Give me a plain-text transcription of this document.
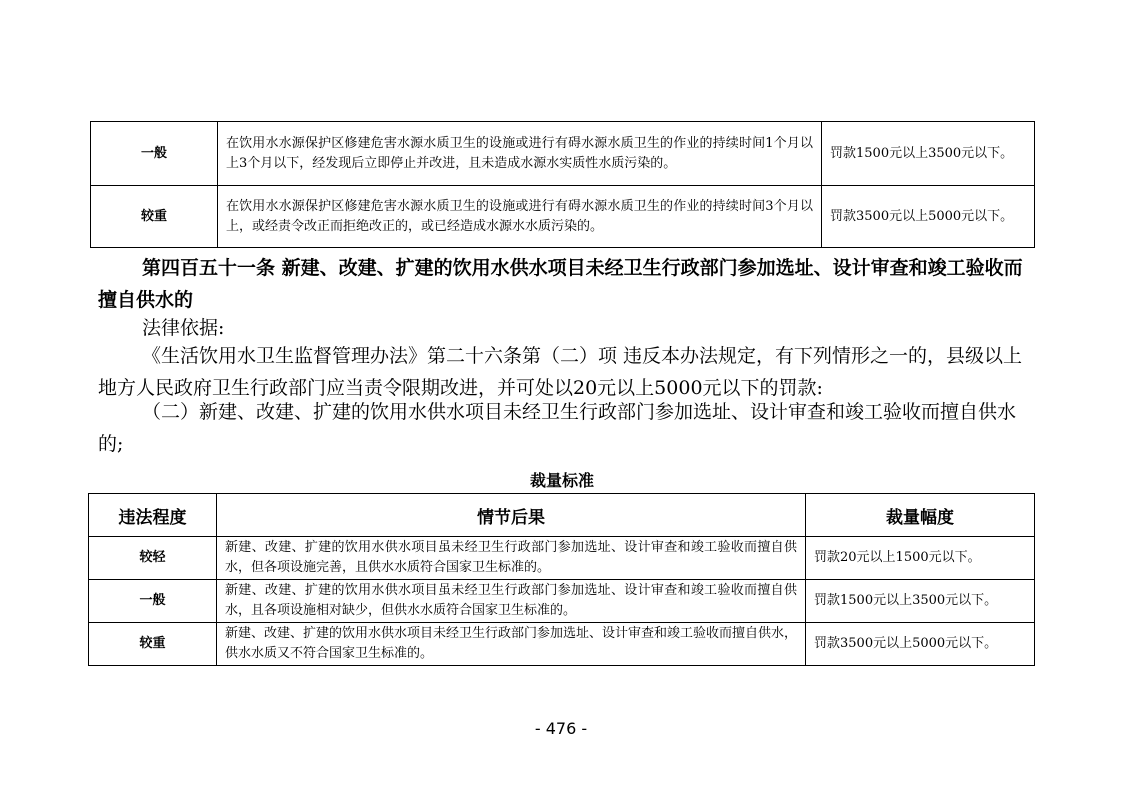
一般	在饮用水水源保护区修建危害水源水质卫生的设施或进行有碍水源水质卫生的作业的持续时间1个月以上3个月以下，经发现后立即停止并改进，且未造成水源水实质性水质污染的。	罚款1500元以上3500元以下。
较重	在饮用水水源保护区修建危害水源水质卫生的设施或进行有碍水源水质卫生的作业的持续时间3个月以上，或经责令改正而拒绝改正的，或已经造成水源水水质污染的。	罚款3500元以上5000元以下。

第四百五十一条 新建、改建、扩建的饮用水供水项目未经卫生行政部门参加选址、设计审查和竣工验收而擅自供水的

法律依据:

《生活饮用水卫生监督管理办法》第二十六条第（二）项 违反本办法规定，有下列情形之一的，县级以上地方人民政府卫生行政部门应当责令限期改进，并可处以20元以上5000元以下的罚款:

（二）新建、改建、扩建的饮用水供水项目未经卫生行政部门参加选址、设计审查和竣工验收而擅自供水的;

裁量标准
违法程度	情节后果	裁量幅度
较轻	新建、改建、扩建的饮用水供水项目虽未经卫生行政部门参加选址、设计审查和竣工验收而擅自供水，但各项设施完善，且供水水质符合国家卫生标准的。	罚款20元以上1500元以下。
一般	新建、改建、扩建的饮用水供水项目虽未经卫生行政部门参加选址、设计审查和竣工验收而擅自供水，且各项设施相对缺少，但供水水质符合国家卫生标准的。	罚款1500元以上3500元以下。
较重	新建、改建、扩建的饮用水供水项目未经卫生行政部门参加选址、设计审查和竣工验收而擅自供水，供水水质又不符合国家卫生标准的。	罚款3500元以上5000元以下。
- 476 -
